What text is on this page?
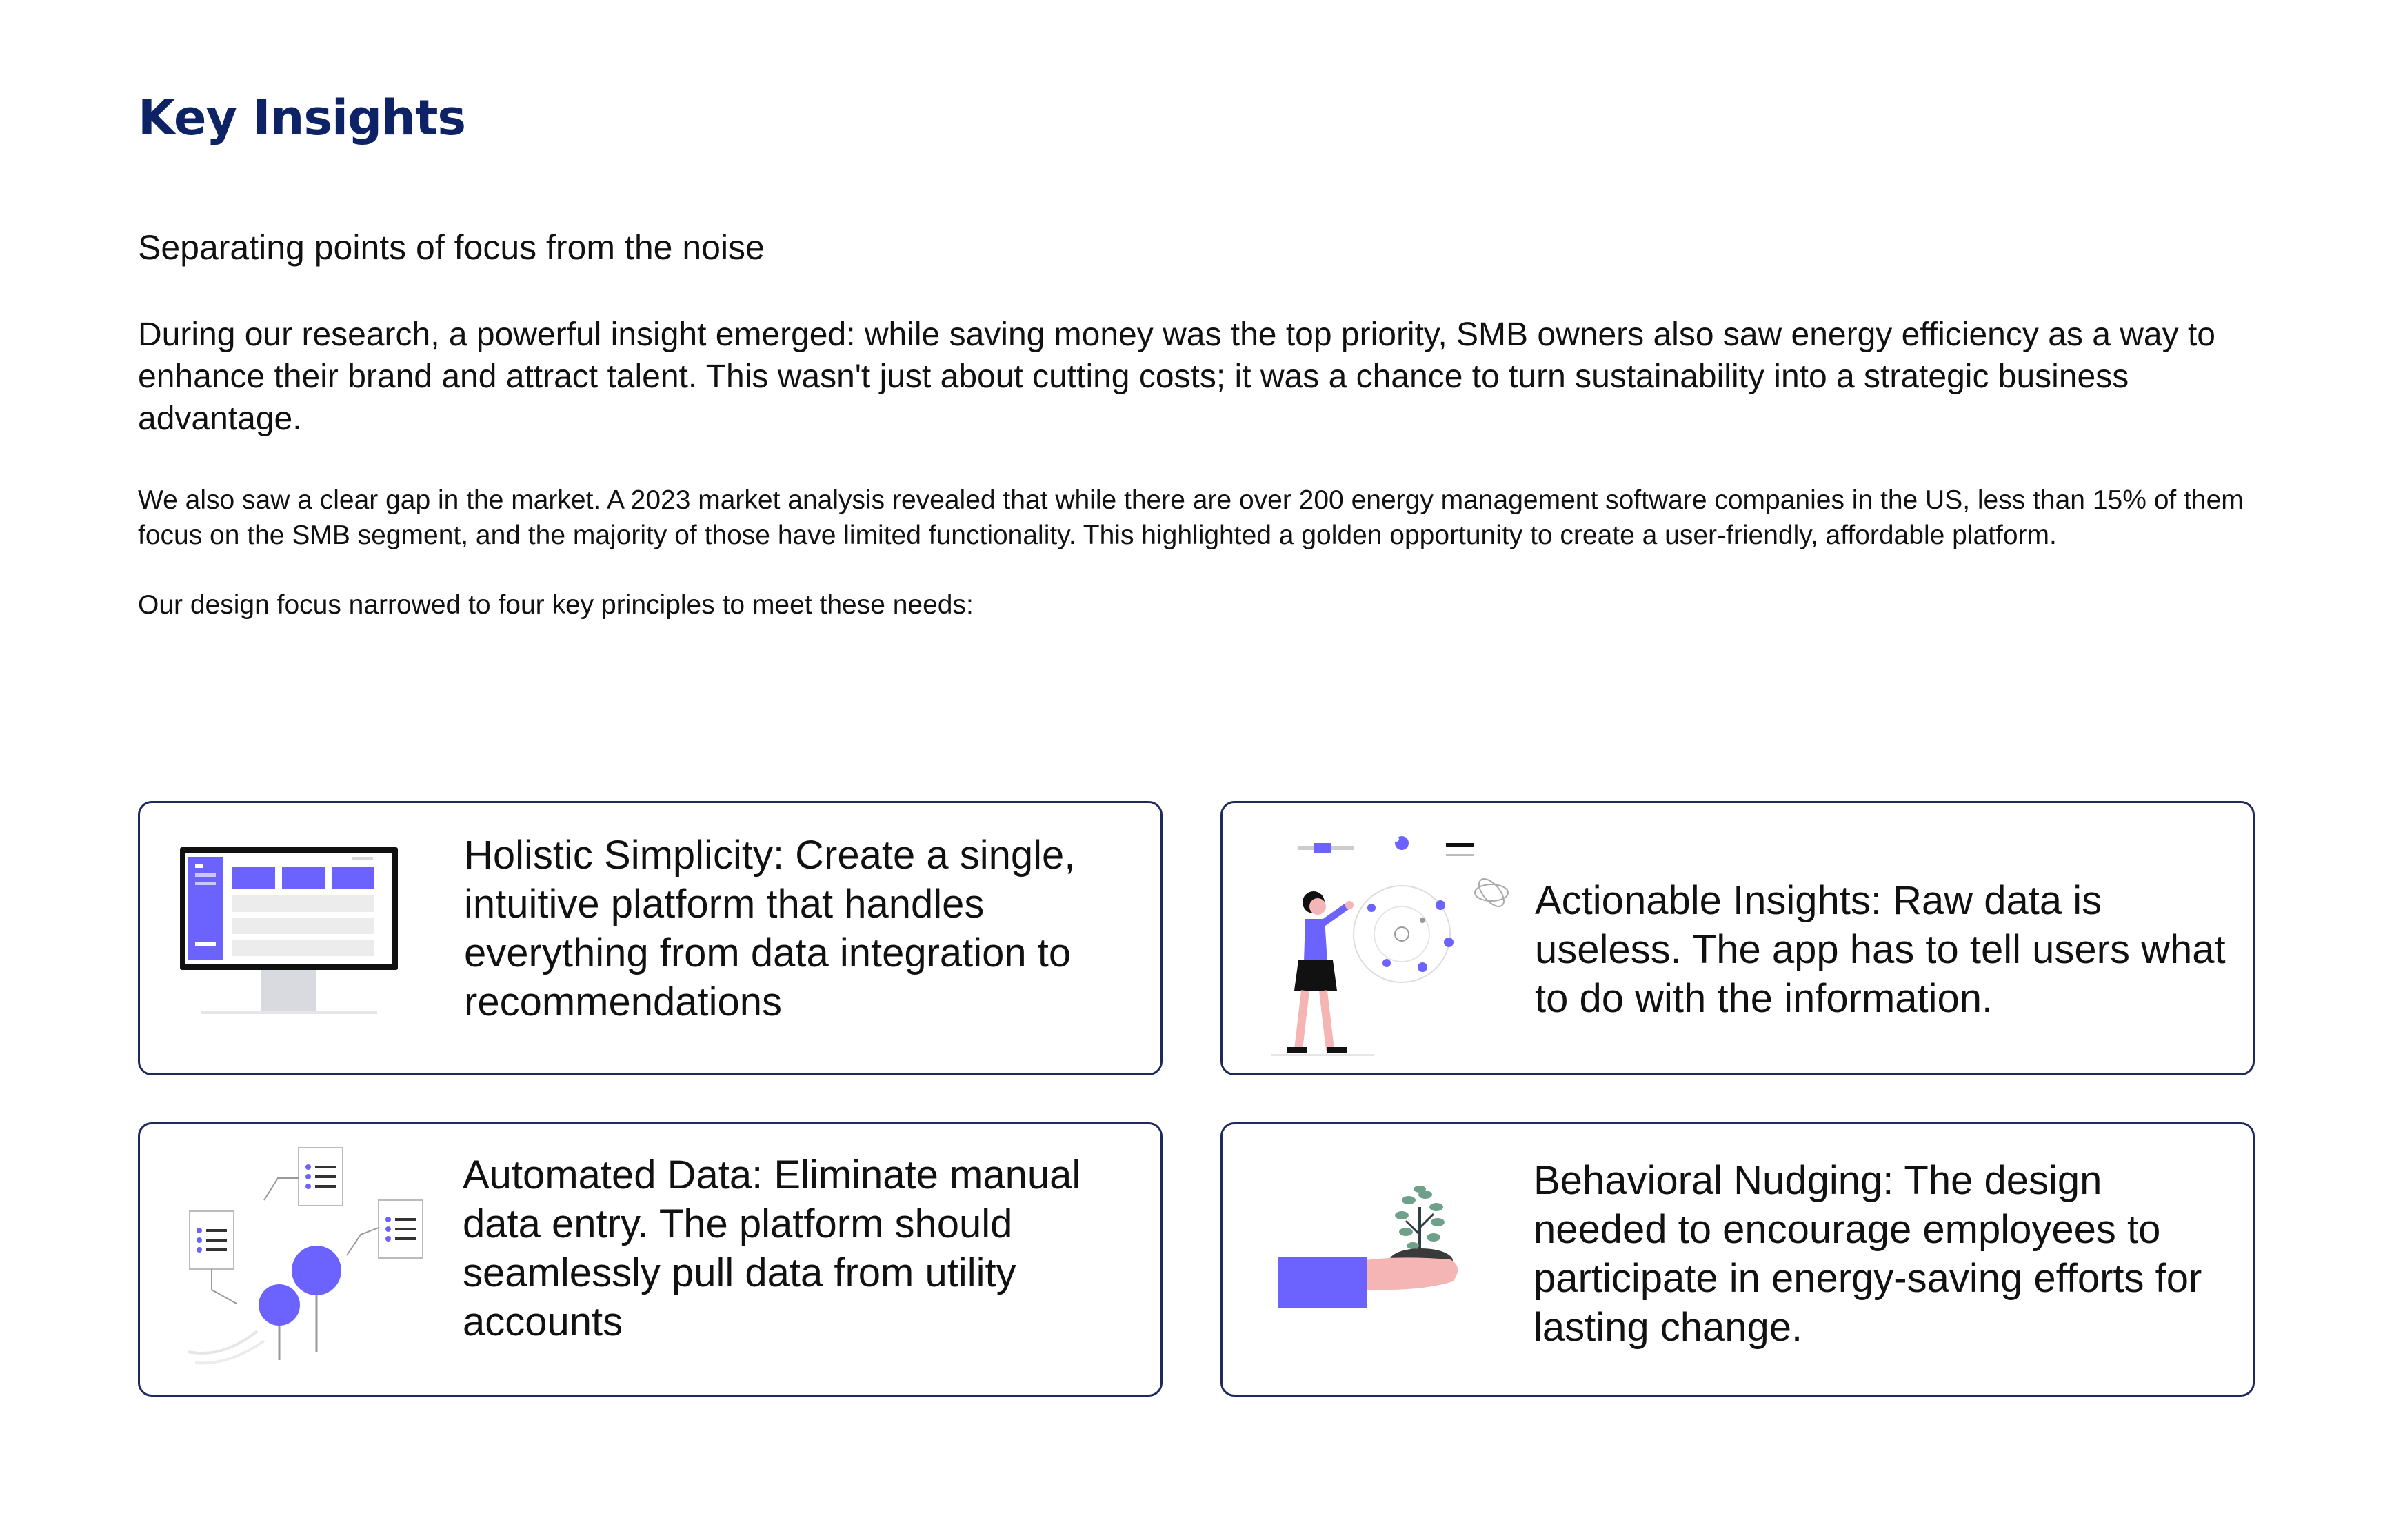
Key Insights

Separating points of focus from the noise

During our research, a powerful insight emerged: while saving money was the top priority, SMB owners also saw energy efficiency as a way to enhance their brand and attract talent. This wasn't just about cutting costs; it was a chance to turn sustainability into a strategic business advantage.

We also saw a clear gap in the market. A 2023 market analysis revealed that while there are over 200 energy management software companies in the US, less than 15% of them focus on the SMB segment, and the majority of those have limited functionality. This highlighted a golden opportunity to create a user-friendly, affordable platform.

Our design focus narrowed to four key principles to meet these needs:

Holistic Simplicity: Create a single, intuitive platform that handles everything from data integration to recommendations

Actionable Insights: Raw data is useless. The app has to tell users what to do with the information.

Automated Data: Eliminate manual data entry. The platform should seamlessly pull data from utility accounts

Behavioral Nudging: The design needed to encourage employees to participate in energy-saving efforts for lasting change.
